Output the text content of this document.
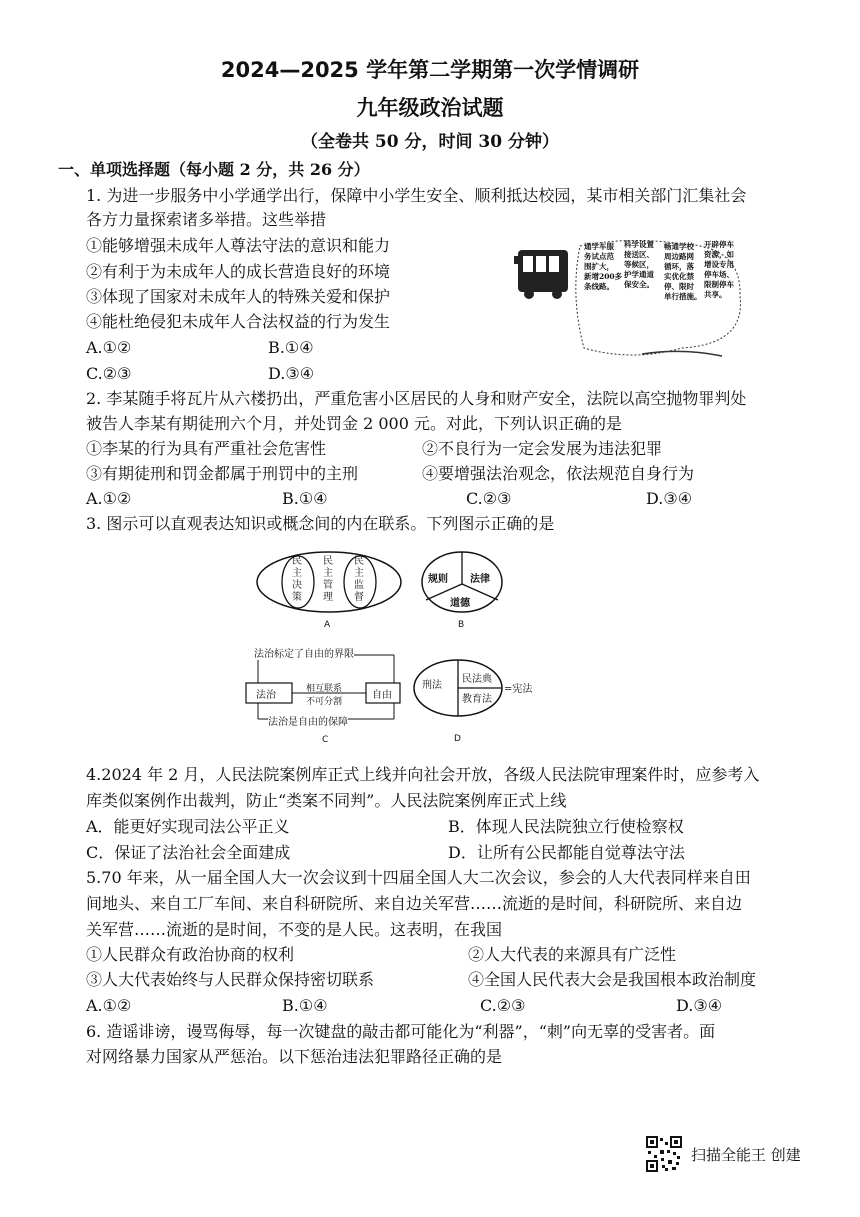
2024—2025 学年第二学期第一次学情调研
九年级政治试题
（全卷共 50 分，时间 30 分钟）
一、单项选择题（每小题 2 分，共 26 分）
1. 为进一步服务中小学通学出行，保障中小学生安全、顺利抵达校园，某市相关部门汇集社会
各方力量探索诸多举措。这些举措
①能够增强未成年人尊法守法的意识和能力
②有利于为未成年人的成长营造良好的环境
③体现了国家对未成年人的特殊关爱和保护
④能杜绝侵犯未成年人合法权益的行为发生
A.①②	B.①④
C.②③	D.③④
通学车服
务试点范
围扩大，
新增200多
条线路。
科学设置
接送区、
等候区，
护学通道
保安全。
畅通学校
周边路网
循环，落
实优化禁
停、限时
单行措施。
开辟停车
资源，如
增设专用
停车场、
限制停车
共享。
2. 李某随手将瓦片从六楼扔出，严重危害小区居民的人身和财产安全，法院以高空抛物罪判处
被告人李某有期徒刑六个月，并处罚金 2 000 元。对此，下列认识正确的是
①李某的行为具有严重社会危害性	②不良行为一定会发展为违法犯罪
③有期徒刑和罚金都属于刑罚中的主刑	④要增强法治观念，依法规范自身行为
A.①②	B.①④	C.②③	D.③④
3. 图示可以直观表达知识或概念间的内在联系。下列图示正确的是
民主决策
民主管理
民主监督
A
规则 法律
道德
B
法治标定了自由的界限
法治
相互联系
不可分割
自由
法治是自由的保障
C
刑法
民法典
教育法
=宪法
D
4.2024 年 2 月，人民法院案例库正式上线并向社会开放，各级人民法院审理案件时，应参考入
库类似案例作出裁判，防止“类案不同判”。人民法院案例库正式上线
A．能更好实现司法公平正义	B．体现人民法院独立行使检察权
C．保证了法治社会全面建成	D．让所有公民都能自觉尊法守法
5.70 年来，从一届全国人大一次会议到十四届全国人大二次会议，参会的人大代表同样来自田
间地头、来自工厂车间、来自科研院所、来自边关军营……流逝的是时间，科研院所、来自边
关军营……流逝的是时间，不变的是人民。这表明，在我国
①人民群众有政治协商的权利	②人大代表的来源具有广泛性
③人大代表始终与人民群众保持密切联系	④全国人民代表大会是我国根本政治制度
A.①②	B.①④	C.②③	D.③④
6. 造谣诽谤，谩骂侮辱，每一次键盘的敲击都可能化为“利器”，“刺”向无辜的受害者。面
对网络暴力国家从严惩治。以下惩治违法犯罪路径正确的是
扫描全能王 创建
